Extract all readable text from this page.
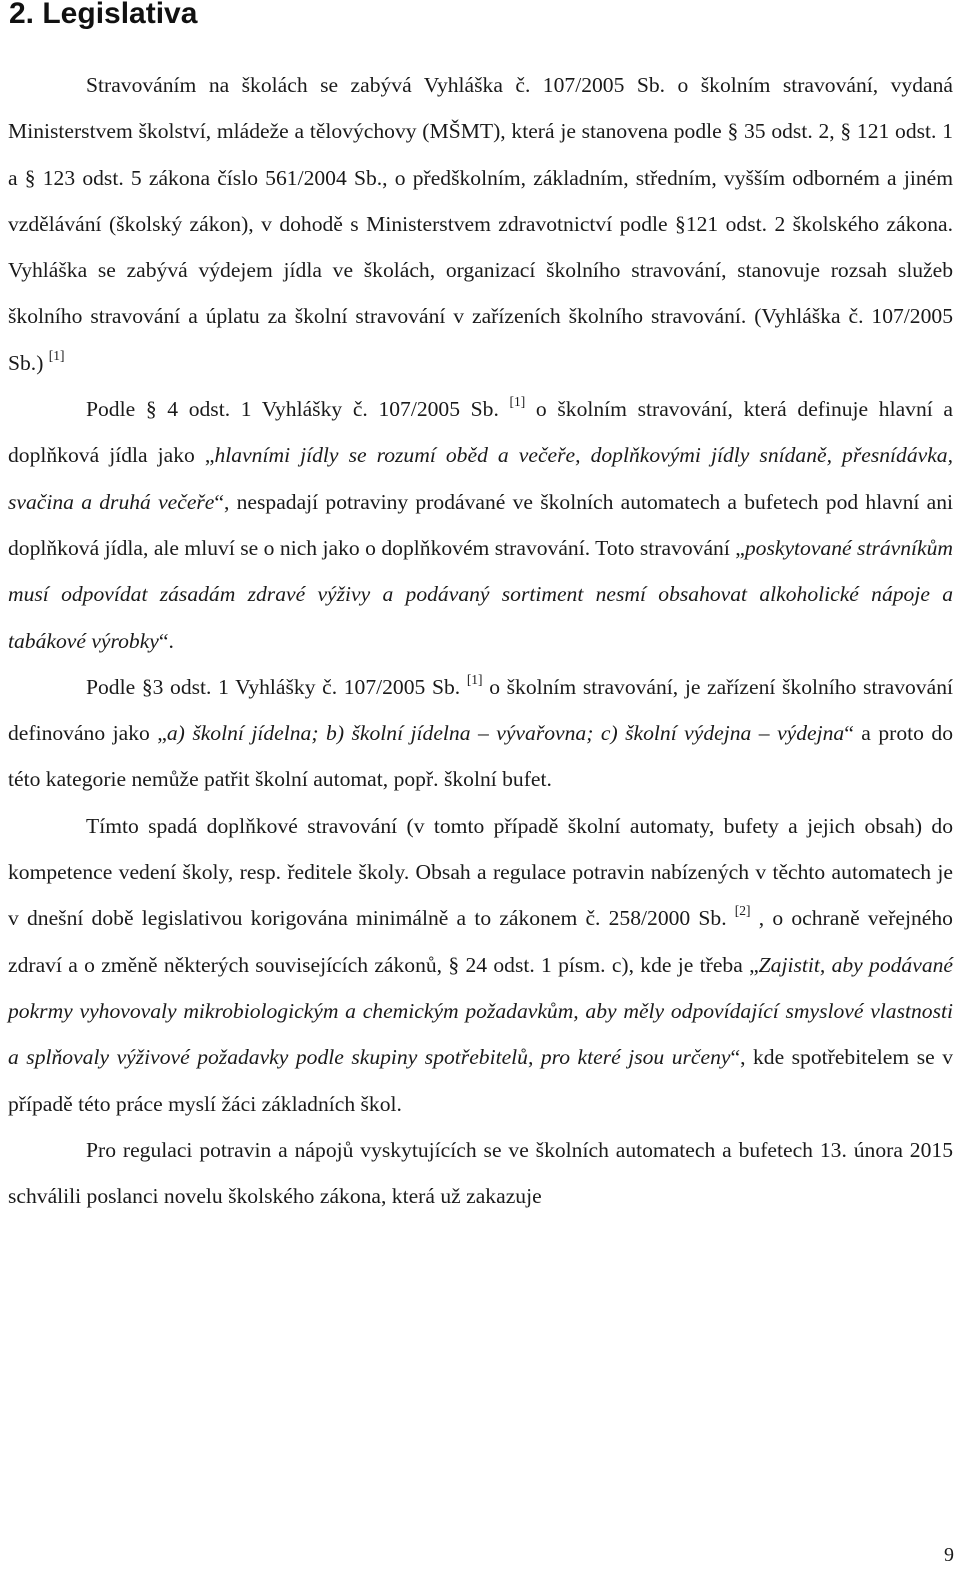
2. Legislativa

Stravováním na školách se zabývá Vyhláška č. 107/2005 Sb. o školním stravování, vydaná Ministerstvem školství, mládeže a tělovýchovy (MŠMT), která je stanovena podle § 35 odst. 2, § 121 odst. 1 a § 123 odst. 5 zákona číslo 561/2004 Sb., o předškolním, základním, středním, vyšším odborném a jiném vzdělávání (školský zákon), v dohodě s Ministerstvem zdravotnictví podle §121 odst. 2 školského zákona. Vyhláška se zabývá výdejem jídla ve školách, organizací školního stravování, stanovuje rozsah služeb školního stravování a úplatu za školní stravování v zařízeních školního stravování. (Vyhláška č. 107/2005 Sb.) [1]

Podle § 4 odst. 1 Vyhlášky č. 107/2005 Sb. [1] o školním stravování, která definuje hlavní a doplňková jídla jako „hlavními jídly se rozumí oběd a večeře, doplňkovými jídly snídaně, přesnídávka, svačina a druhá večeře“, nespadají potraviny prodávané ve školních automatech a bufetech pod hlavní ani doplňková jídla, ale mluví se o nich jako o doplňkovém stravování. Toto stravování „poskytované strávníkům musí odpovídat zásadám zdravé výživy a podávaný sortiment nesmí obsahovat alkoholické nápoje a tabákové výrobky“.

Podle §3 odst. 1 Vyhlášky č. 107/2005 Sb. [1] o školním stravování, je zařízení školního stravování definováno jako „a) školní jídelna; b) školní jídelna – vývařovna; c) školní výdejna – výdejna“ a proto do této kategorie nemůže patřit školní automat, popř. školní bufet.

Tímto spadá doplňkové stravování (v tomto případě školní automaty, bufety a jejich obsah) do kompetence vedení školy, resp. ředitele školy. Obsah a regulace potravin nabízených v těchto automatech je v dnešní době legislativou korigována minimálně a to zákonem č. 258/2000 Sb. [2] , o ochraně veřejného zdraví a o změně některých souvisejících zákonů, § 24 odst. 1 písm. c), kde je třeba „Zajistit, aby podávané pokrmy vyhovovaly mikrobiologickým a chemickým požadavkům, aby měly odpovídající smyslové vlastnosti a splňovaly výživové požadavky podle skupiny spotřebitelů, pro které jsou určeny“, kde spotřebitelem se v případě této práce myslí žáci základních škol.

Pro regulaci potravin a nápojů vyskytujících se ve školních automatech a bufetech 13. února 2015 schválili poslanci novelu školského zákona, která už zakazuje

9
